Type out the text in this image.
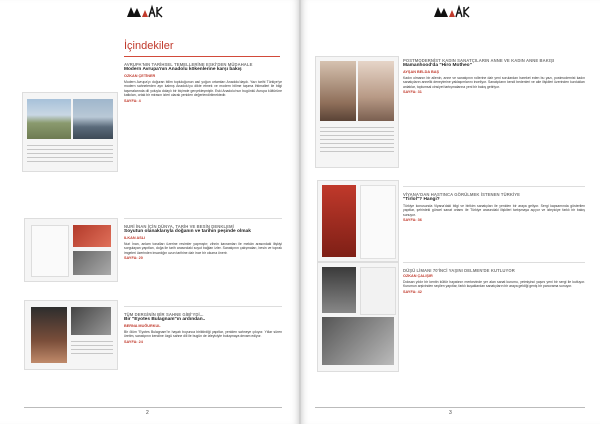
İçindekiler
AVRUPA'NIN TARİHSEL TEMELLERİNE ESKİ'DEN MÜDAHALE
Modern Avrupa'nın Anadolu kökenlerine karşı bakış
OZKAN ÇETİNER
Modern Avrupa'yı doğuran bilim topluluğunun asıl yoğun ortamları Anadolu'daydı. Yazı tarihi Türkiye'ye modern sahnelerden ayrı kalmış Anadolu'yu dikte etmek ve modern bilime taşıma ihtimalleri ile bilgi taşımalarında dil yoluyla dolaylı bir biçimde gerçekleşmiştir. Eski Anadolu'nun bugünkü Avrupa kültürüne katkıları, ortak bir mirasın izleri olarak yeniden değerlendirilmektedir.
SAYFA: 4
NURİ İNAN İÇİN DÜNYA, TARİH VE BESİN DENKLEMİ
Soyutun olanaklarıyla doğanın ve tarihin peşinde olmak
ILKAN ASLI
Nuri İnan, anlam tonalları üzerine resimler yapmıştır; zihnin kavramları ile mekân arasındaki ilişkiyi sorgulayan yapıtları, doğa ile tarih arasındaki soyut bağları izler. Sanatçının çalışmaları, besin ve toprak imgeleri üzerinden insanlığın uzun tarihine dair ince bir okuma önerir.
SAYFA: 20
TÜM DERGİNİN BİR SAHNE GİBİ'YDİ...
Bir "Eyotes Bulagnam"ın ardından..
BERNA MUĞURKUL
Bir ölüm "Eyotes Bulagnam"ın hayatı boyunca biriktirdiği yapıtlar, yeniden sahneye çıkıyor. Yıllar süren üretim, sanatçının kendine özgü sahne dili ile bugün de izleyiciyle buluşmaya devam ediyor.
SAYFA: 24
2
POSTMODERNİST KADIN SANATÇILARIN ANNE VE KADIN ANNE BAKIŞI
Mamanhood'da "Hiro Motheo"
AYŞAN BELDA BAŞ
Kadın olmanın bir ailenin, anne ve sanatçının rollerine dair yeni sorulardan hareket eden bu yazı, postmodernist kadın sanatçıların annelik deneyimine yaklaşımlarını inceliyor. Sanatçıların kendi bedenleri ve aile ilişkileri üzerinden kurdukları anlatılar, toplumsal cinsiyet tartışmalarına yeni bir bakış getiriyor.
SAYFA: 31
VİYANA'DAN HASTINCA GÖRÜLMEK İSTENEN TÜRKİYE
"Tirlol"? Hangi?
Türkiye konusunda Viyana'daki bilgi ve birikim sanatçıları ile yeniden bir araya geliyor. Sergi kapsamında gösterilen yapıtlar, şehirdeki güncel sanat ortamı ile Türkiye arasındaki ilişkileri tartışmaya açıyor ve izleyiciye farklı bir bakış sunuyor.
SAYFA: 36
DÜŞÜ LİMANI 70'İNCİ YAŞINI DELMEN'DE KUTLUYOR
OZKAN ÇALIŞIR
Doksan yıldır bir kentin kültür hayatının merkezinde yer alan sanat kurumu, yetmişinci yaşını yeni bir sergi ile kutluyor. Kurumun arşivinden seçilen yapıtlar, farklı kuşaklardan sanatçıların bir araya geldiği geniş bir panorama sunuyor.
SAYFA: 42
3
